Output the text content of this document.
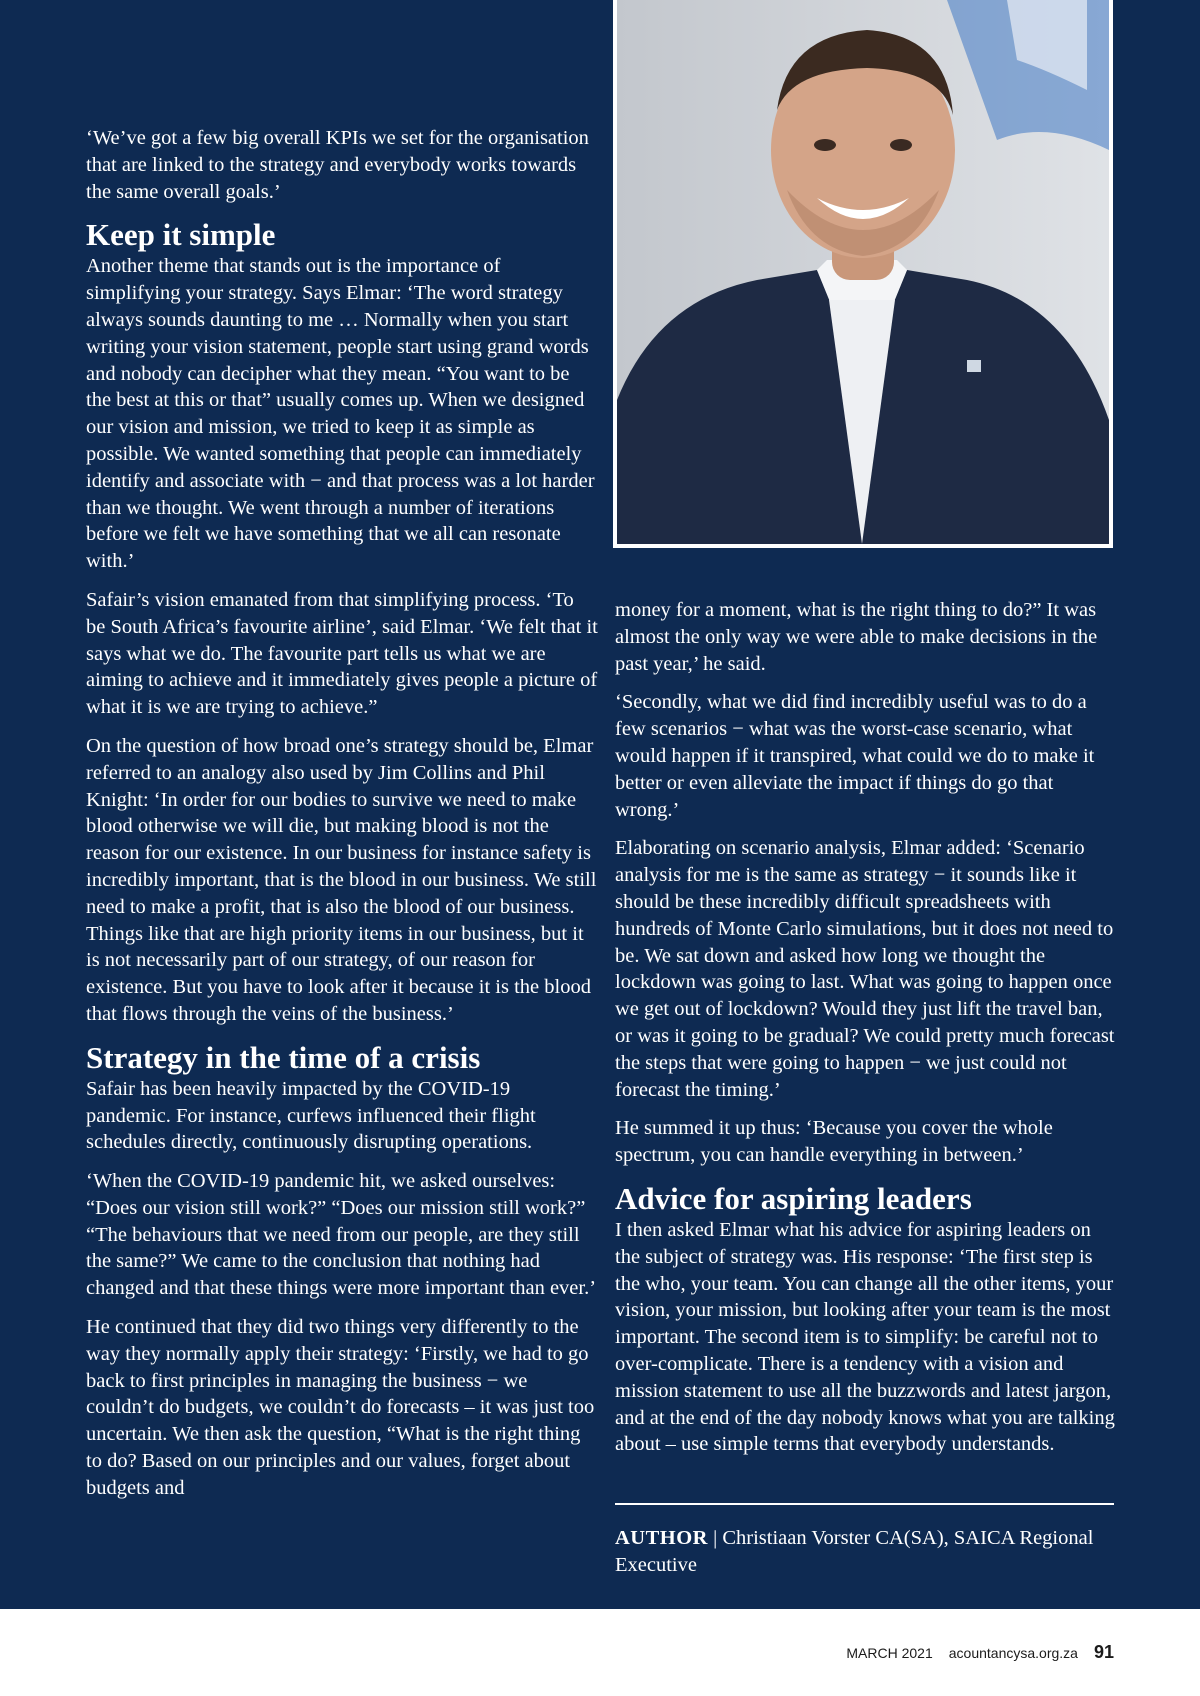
‘We’ve got a few big overall KPIs we set for the organisation that are linked to the strategy and everybody works towards the same overall goals.’

Keep it simple

Another theme that stands out is the importance of simplifying your strategy. Says Elmar: ‘The word strategy always sounds daunting to me … Normally when you start writing your vision statement, people start using grand words and nobody can decipher what they mean. “You want to be the best at this or that” usually comes up. When we designed our vision and mission, we tried to keep it as simple as possible. We wanted something that people can immediately identify and associate with − and that process was a lot harder than we thought. We went through a number of iterations before we felt we have something that we all can resonate with.’

Safair’s vision emanated from that simplifying process. ‘To be South Africa’s favourite airline’, said Elmar. ‘We felt that it says what we do. The favourite part tells us what we are aiming to achieve and it immediately gives people a picture of what it is we are trying to achieve.”

On the question of how broad one’s strategy should be, Elmar referred to an analogy also used by Jim Collins and Phil Knight: ‘In order for our bodies to survive we need to make blood otherwise we will die, but making blood is not the reason for our existence. In our business for instance safety is incredibly important, that is the blood in our business. We still need to make a profit, that is also the blood of our business. Things like that are high priority items in our business, but it is not necessarily part of our strategy, of our reason for existence. But you have to look after it because it is the blood that flows through the veins of the business.’

Strategy in the time of a crisis

Safair has been heavily impacted by the COVID-19 pandemic. For instance, curfews influenced their flight schedules directly, continuously disrupting operations.

‘When the COVID-19 pandemic hit, we asked ourselves: “Does our vision still work?” “Does our mission still work?” “The behaviours that we need from our people, are they still the same?” We came to the conclusion that nothing had changed and that these things were more important than ever.’

He continued that they did two things very differently to the way they normally apply their strategy: ‘Firstly, we had to go back to first principles in managing the business − we couldn’t do budgets, we couldn’t do forecasts – it was just too uncertain. We then ask the question, “What is the right thing to do? Based on our principles and our values, forget about budgets and

money for a moment, what is the right thing to do?” It was almost the only way we were able to make decisions in the past year,’ he said.

‘Secondly, what we did find incredibly useful was to do a few scenarios − what was the worst-case scenario, what would happen if it transpired, what could we do to make it better or even alleviate the impact if things do go that wrong.’

Elaborating on scenario analysis, Elmar added: ‘Scenario analysis for me is the same as strategy − it sounds like it should be these incredibly difficult spreadsheets with hundreds of Monte Carlo simulations, but it does not need to be. We sat down and asked how long we thought the lockdown was going to last. What was going to happen once we get out of lockdown? Would they just lift the travel ban, or was it going to be gradual? We could pretty much forecast the steps that were going to happen − we just could not forecast the timing.’

He summed it up thus: ‘Because you cover the whole spectrum, you can handle everything in between.’

Advice for aspiring leaders

I then asked Elmar what his advice for aspiring leaders on the subject of strategy was. His response: ‘The first step is the who, your team. You can change all the other items, your vision, your mission, but looking after your team is the most important. The second item is to simplify: be careful not to over-complicate. There is a tendency with a vision and mission statement to use all the buzzwords and latest jargon, and at the end of the day nobody knows what you are talking about – use simple terms that everybody understands.

AUTHOR | Christiaan Vorster CA(SA), SAICA Regional Executive
MARCH 2021 acountancysa.org.za 91
